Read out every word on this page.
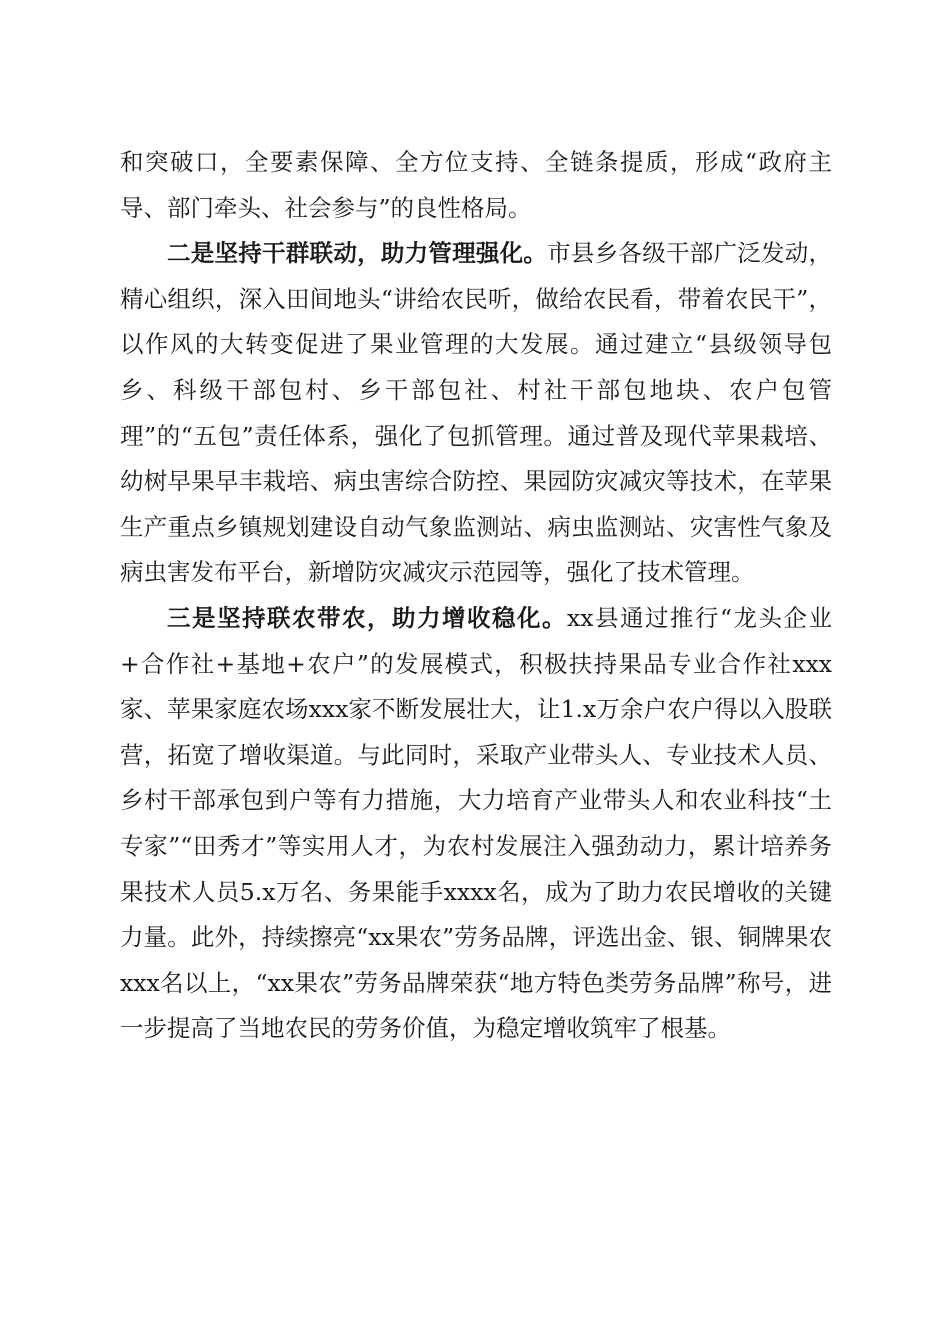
和突破口，全要素保障、全方位支持、全链条提质，形成“政府主导、部门牵头、社会参与”的良性格局。

二是坚持干群联动，助力管理强化。市县乡各级干部广泛发动，精心组织，深入田间地头“讲给农民听，做给农民看，带着农民干”，以作风的大转变促进了果业管理的大发展。通过建立“县级领导包乡、科级干部包村、乡干部包社、村社干部包地块、农户包管理”的“五包”责任体系，强化了包抓管理。通过普及现代苹果栽培、幼树早果早丰栽培、病虫害综合防控、果园防灾减灾等技术，在苹果生产重点乡镇规划建设自动气象监测站、病虫监测站、灾害性气象及病虫害发布平台，新增防灾减灾示范园等，强化了技术管理。

三是坚持联农带农，助力增收稳化。xx县通过推行“龙头企业+合作社+基地+农户”的发展模式，积极扶持果品专业合作社xxx家、苹果家庭农场xxx家不断发展壮大，让1.x万余户农户得以入股联营，拓宽了增收渠道。与此同时，采取产业带头人、专业技术人员、乡村干部承包到户等有力措施，大力培育产业带头人和农业科技“土专家”“田秀才”等实用人才，为农村发展注入强劲动力，累计培养务果技术人员5.x万名、务果能手xxxx名，成为了助力农民增收的关键力量。此外，持续擦亮“xx果农”劳务品牌，评选出金、银、铜牌果农xxx名以上，“xx果农”劳务品牌荣获“地方特色类劳务品牌”称号，进一步提高了当地农民的劳务价值，为稳定增收筑牢了根基。
